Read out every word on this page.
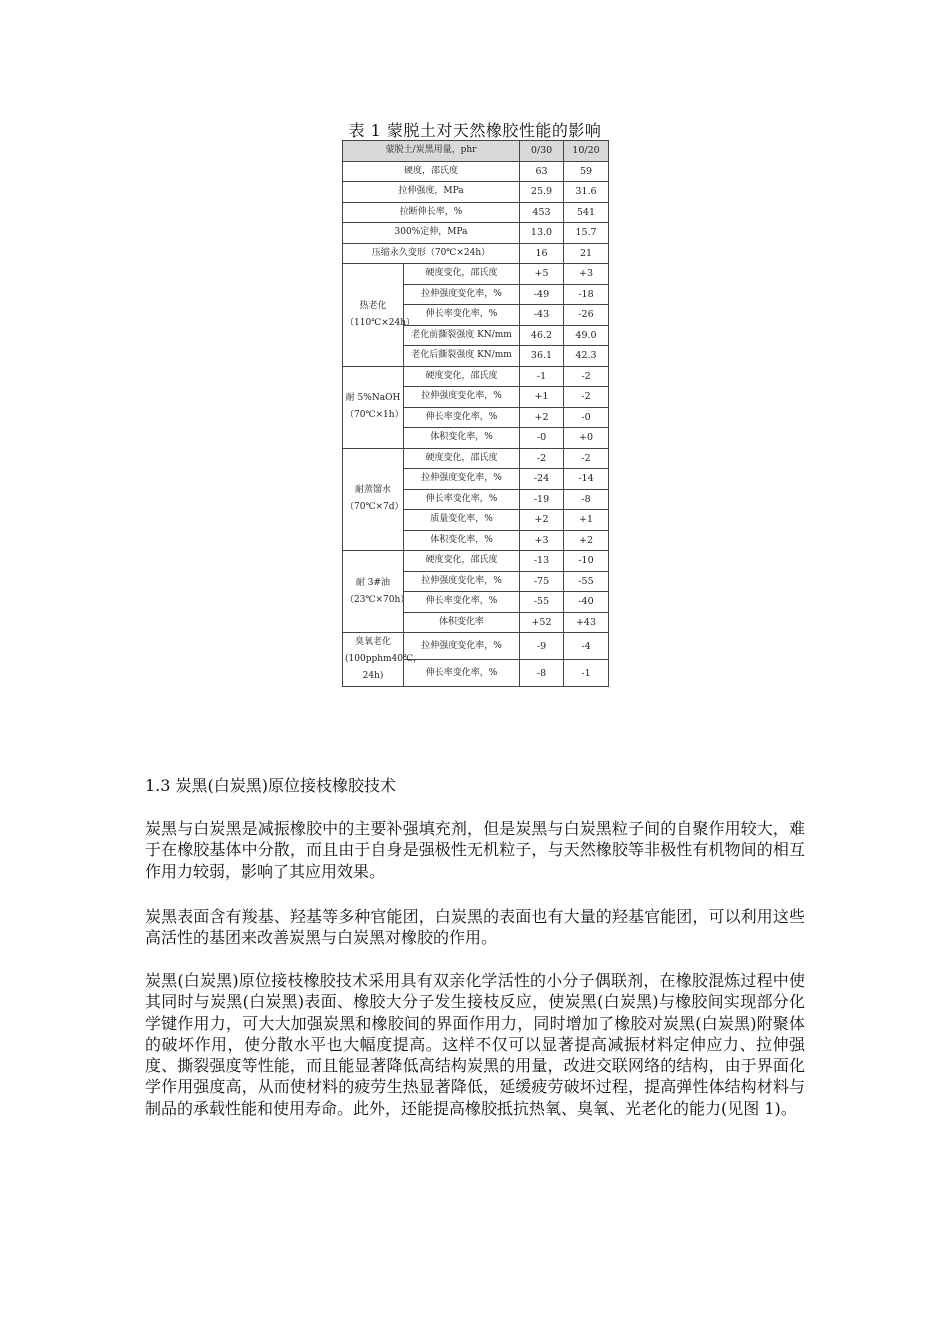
表 1 蒙脱土对天然橡胶性能的影响
蒙脱土/炭黑用量，phr		0/30	10/20
硬度，邵氏度		63	59
拉伸强度，MPa		25.9	31.6
拉断伸长率，%		453	541
300%定伸，MPa		13.0	15.7
压缩永久变形（70℃×24h）		16	21
热老化（110℃×24h）	硬度变化，邵氏度	+5	+3
	拉伸强度变化率，%	-49	-18
	伸长率变化率，%	-43	-26
	老化前撕裂强度 KN/mm	46.2	49.0
	老化后撕裂强度 KN/mm	36.1	42.3
耐 5%NaOH（70℃×1h）	硬度变化，邵氏度	-1	-2
	拉伸强度变化率，%	+1	-2
	伸长率变化率，%	+2	-0
	体积变化率，%	-0	+0
耐蒸馏水（70℃×7d）	硬度变化，邵氏度	-2	-2
	拉伸强度变化率，%	-24	-14
	伸长率变化率，%	-19	-8
	质量变化率，%	+2	+1
	体积变化率，%	+3	+2
耐 3#油（23℃×70h）	硬度变化，邵氏度	-13	-10
	拉伸强度变化率，%	-75	-55
	伸长率变化率，%	-55	-40
	体积变化率	+52	+43
臭氧老化(100pphm40℃，24h)	拉伸强度变化率，%	-9	-4
	伸长率变化率，%	-8	-1
1.3 炭黑(白炭黑)原位接枝橡胶技术

炭黑与白炭黑是减振橡胶中的主要补强填充剂，但是炭黑与白炭黑粒子间的自聚作用较大，难于在橡胶基体中分散，而且由于自身是强极性无机粒子，与天然橡胶等非极性有机物间的相互作用力较弱，影响了其应用效果。

炭黑表面含有羧基、羟基等多种官能团，白炭黑的表面也有大量的羟基官能团，可以利用这些高活性的基团来改善炭黑与白炭黑对橡胶的作用。

炭黑(白炭黑)原位接枝橡胶技术采用具有双亲化学活性的小分子偶联剂，在橡胶混炼过程中使其同时与炭黑(白炭黑)表面、橡胶大分子发生接枝反应，使炭黑(白炭黑)与橡胶间实现部分化学键作用力，可大大加强炭黑和橡胶间的界面作用力，同时增加了橡胶对炭黑(白炭黑)附聚体的破坏作用，使分散水平也大幅度提高。这样不仅可以显著提高减振材料定伸应力、拉伸强度、撕裂强度等性能，而且能显著降低高结构炭黑的用量，改进交联网络的结构，由于界面化学作用强度高，从而使材料的疲劳生热显著降低，延缓疲劳破坏过程，提高弹性体结构材料与制品的承载性能和使用寿命。此外，还能提高橡胶抵抗热氧、臭氧、光老化的能力(见图 1)。
